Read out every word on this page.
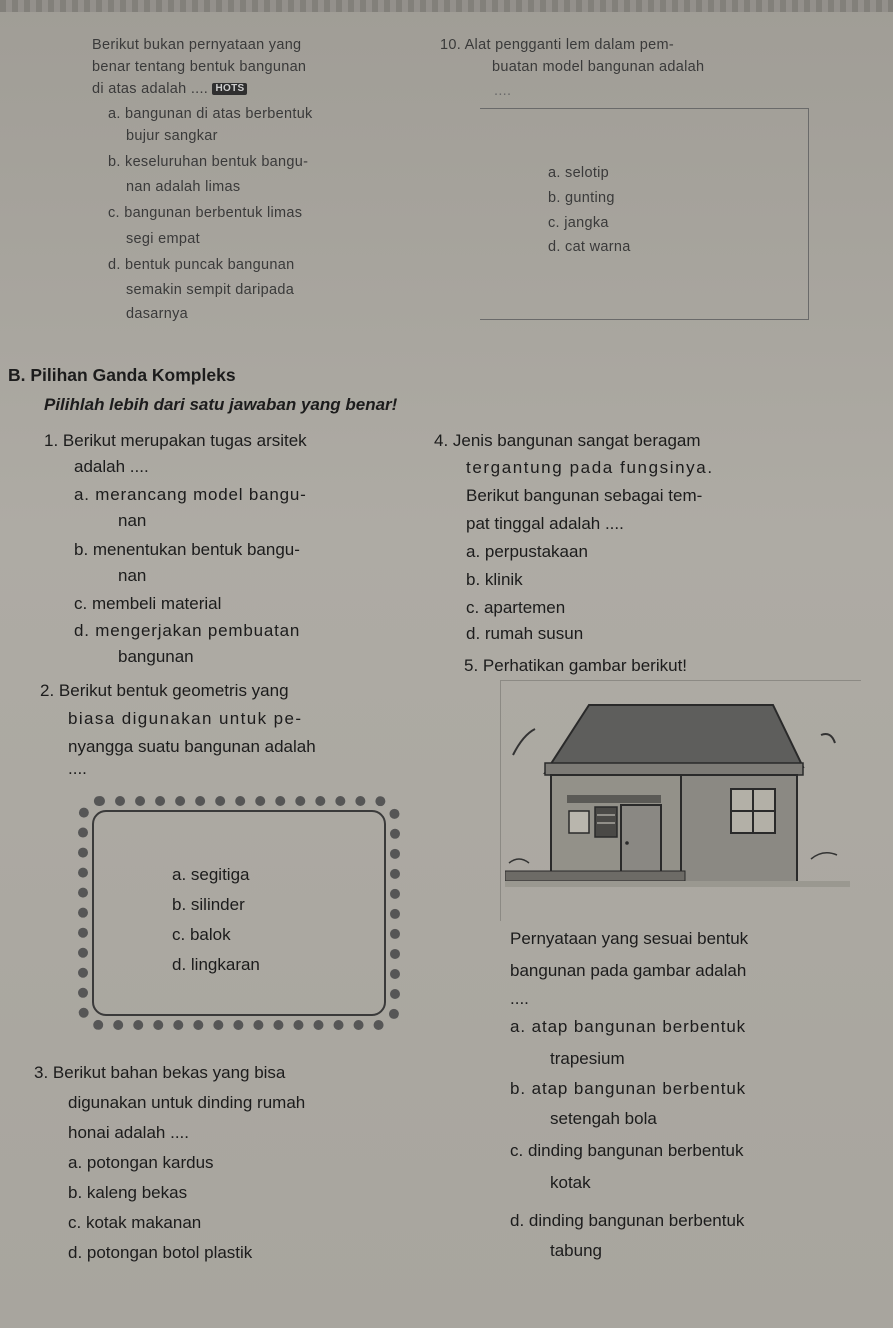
Berikut bukan pernyataan yang
benar tentang bentuk bangunan
di atas adalah .... HOTS
a. bangunan di atas berbentuk
bujur sangkar
b. keseluruhan bentuk bangu-
nan adalah limas
c. bangunan berbentuk limas
segi empat
d. bentuk puncak bangunan
semakin sempit daripada
dasarnya
10. Alat pengganti lem dalam pem-
buatan model bangunan adalah
....
a. selotip
b. gunting
c. jangka
d. cat warna
B. Pilihan Ganda Kompleks
Pilihlah lebih dari satu jawaban yang benar!
1. Berikut merupakan tugas arsitek
adalah ....
a. merancang model bangu-
nan
b. menentukan bentuk bangu-
nan
c. membeli material
d. mengerjakan pembuatan
bangunan
2. Berikut bentuk geometris yang
biasa digunakan untuk pe-
nyangga suatu bangunan adalah
....
a. segitiga
b. silinder
c. balok
d. lingkaran
3. Berikut bahan bekas yang bisa
digunakan untuk dinding rumah
honai adalah ....
a. potongan kardus
b. kaleng bekas
c. kotak makanan
d. potongan botol plastik
4. Jenis bangunan sangat beragam
tergantung pada fungsinya.
Berikut bangunan sebagai tem-
pat tinggal adalah ....
a. perpustakaan
b. klinik
c. apartemen
d. rumah susun
5. Perhatikan gambar berikut!
Pernyataan yang sesuai bentuk
bangunan pada gambar adalah
....
a. atap bangunan berbentuk
trapesium
b. atap bangunan berbentuk
setengah bola
c. dinding bangunan berbentuk
kotak
d. dinding bangunan berbentuk
tabung
